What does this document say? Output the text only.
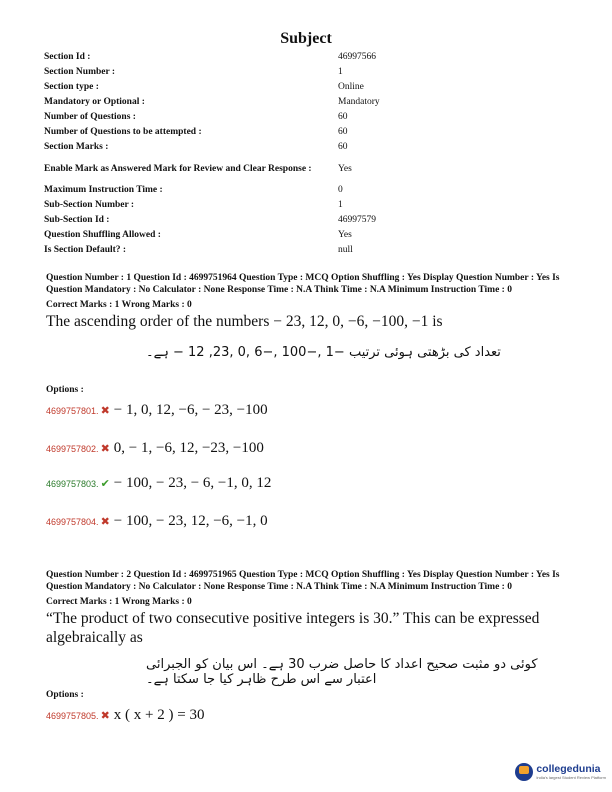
Subject
Section Id :	46997566
Section Number :	1
Section type :	Online
Mandatory or Optional :	Mandatory
Number of Questions :	60
Number of Questions to be attempted :	60
Section Marks :	60
Enable Mark as Answered Mark for Review and Clear Response :	Yes
Maximum Instruction Time :	0
Sub-Section Number :	1
Sub-Section Id :	46997579
Question Shuffling Allowed :	Yes
Is Section Default? :	null
Question Number : 1 Question Id : 4699751964 Question Type : MCQ Option Shuffling : Yes Display Question Number : Yes Is Question Mandatory : No Calculator : None Response Time : N.A Think Time : N.A Minimum Instruction Time : 0
Correct Marks : 1 Wrong Marks : 0
The ascending order of the numbers − 23, 12, 0, −6, −100, −1 is
تعداد کی بڑھتی ہوئی ترتیب −1 ,−100 ,−6 ,0 ,23, 12 − ہے۔
Options :
4699757801. ✖ − 1, 0, 12, −6, − 23, −100
4699757802. ✖ 0, − 1, −6, 12, −23, −100
4699757803. ✔ − 100, − 23, − 6, −1, 0, 12
4699757804. ✖ − 100, − 23, 12, −6, −1, 0
Question Number : 2 Question Id : 4699751965 Question Type : MCQ Option Shuffling : Yes Display Question Number : Yes Is Question Mandatory : No Calculator : None Response Time : N.A Think Time : N.A Minimum Instruction Time : 0
Correct Marks : 1 Wrong Marks : 0
“The product of two consecutive positive integers is 30.” This can be expressed algebraically as
کوئی دو مثبت صحیح اعداد کا حاصل ضرب 30 ہے۔ اس بیان کو الجبرائی اعتبار سے اس طرح ظاہر کیا جا سکتا ہے۔
Options :
4699757805. ✖ x ( x + 2 ) = 30
collegedunia
India's largest Student Review Platform
